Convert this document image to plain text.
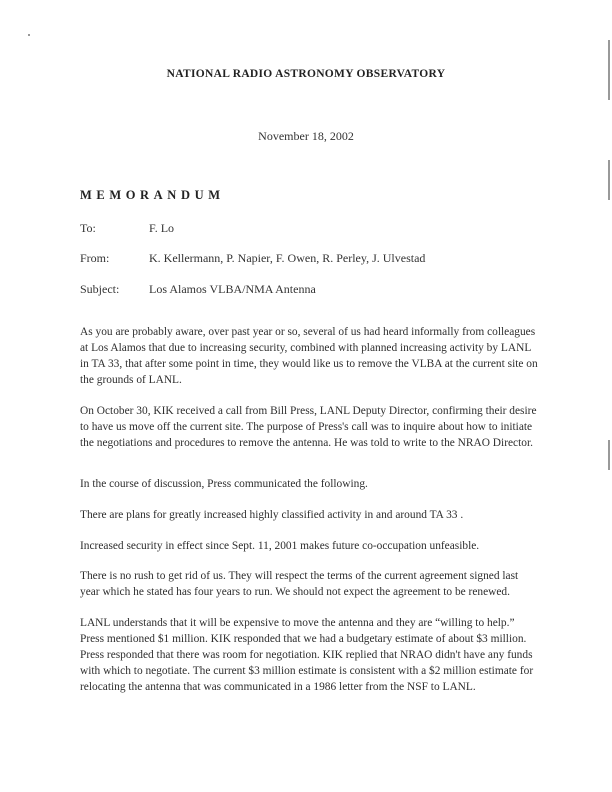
NATIONAL RADIO ASTRONOMY OBSERVATORY
November 18, 2002
MEMORANDUM
To:	F. Lo
From:	K. Kellermann, P. Napier, F. Owen, R. Perley, J. Ulvestad
Subject: Los Alamos VLBA/NMA Antenna

As you are probably aware, over past year or so, several of us had heard informally from colleagues at Los Alamos that due to increasing security, combined with planned increasing activity by LANL in TA 33, that after some point in time, they would like us to remove the VLBA at the current site on the grounds of LANL.

On October 30, KIK received a call from Bill Press, LANL Deputy Director, confirming their desire to have us move off the current site. The purpose of Press's call was to inquire about how to initiate the negotiations and procedures to remove the antenna. He was told to write to the NRAO Director.

In the course of discussion, Press communicated the following.

There are plans for greatly increased highly classified activity in and around TA 33 .

Increased security in effect since Sept. 11, 2001 makes future co-occupation unfeasible.

There is no rush to get rid of us. They will respect the terms of the current agreement signed last year which he stated has four years to run. We should not expect the agreement to be renewed.

LANL understands that it will be expensive to move the antenna and they are “willing to help.” Press mentioned $1 million. KIK responded that we had a budgetary estimate of about $3 million. Press responded that there was room for negotiation. KIK replied that NRAO didn't have any funds with which to negotiate. The current $3 million estimate is consistent with a $2 million estimate for relocating the antenna that was communicated in a 1986 letter from the NSF to LANL.
